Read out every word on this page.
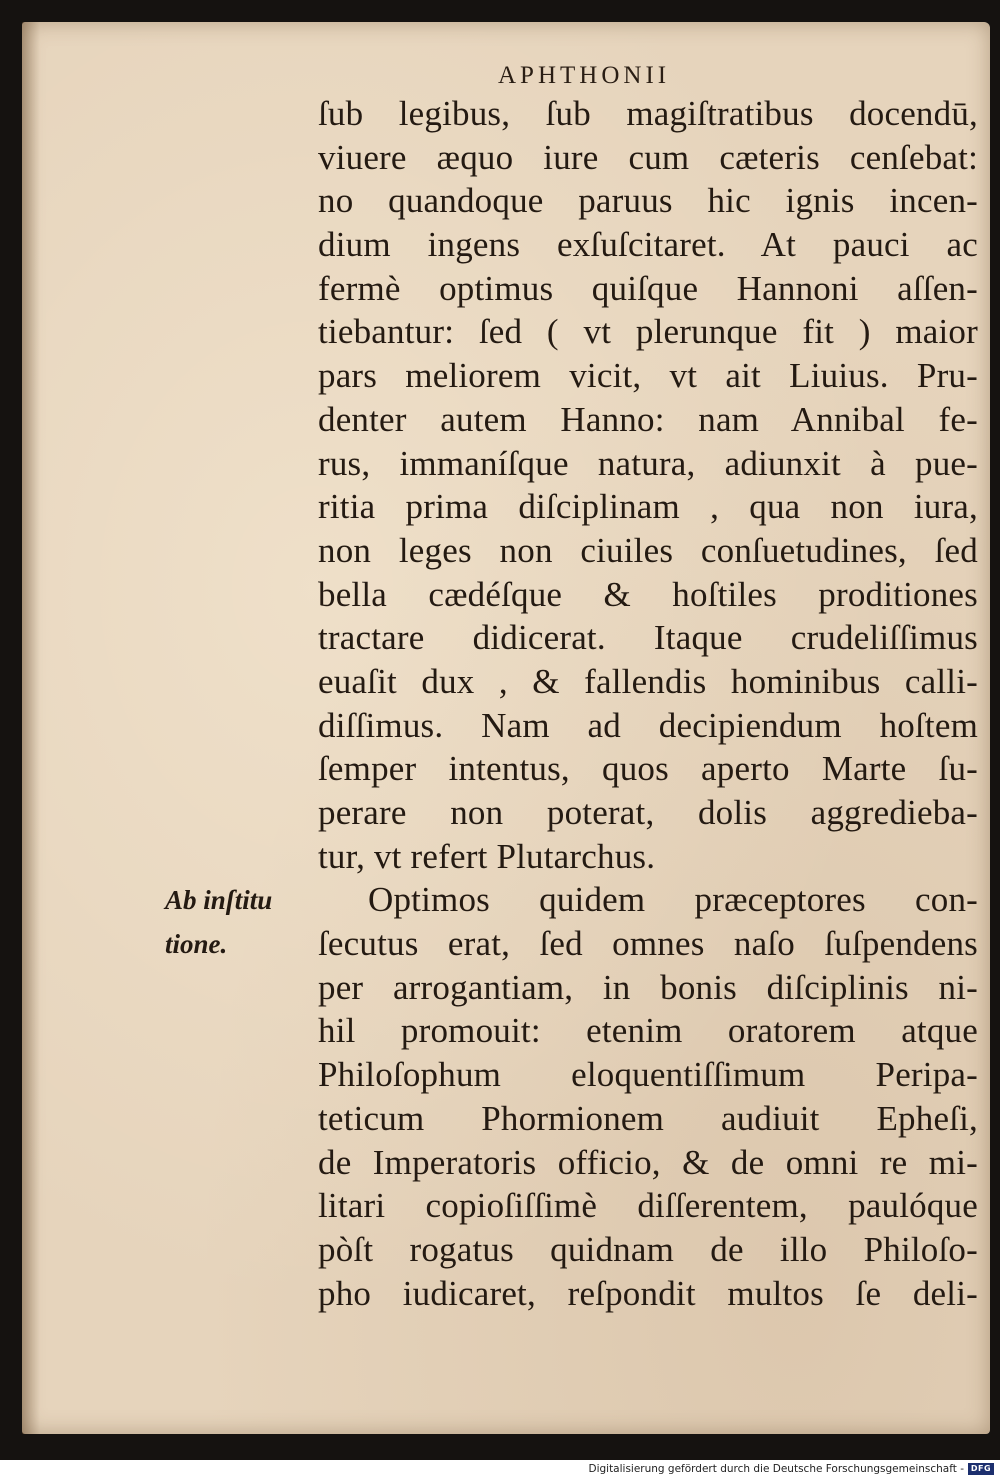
APHTHONII
Ab inſtitu
tione.
ſub legibus, ſub magiſtratibus docendū,
viuere æquo iure cum cæteris cenſebat:
no quandoque paruus hic ignis incen-
dium ingens exſuſcitaret. At pauci ac
fermè optimus quiſque Hannoni aſſen-
tiebantur: ſed ( vt plerunque fit ) maior
pars meliorem vicit, vt ait Liuius. Pru-
denter autem Hanno: nam Annibal fe-
rus, immaníſque natura, adiunxit à pue-
ritia prima diſciplinam , qua non iura,
non leges non ciuiles conſuetudines, ſed
bella cædéſque & hoſtiles proditiones
tractare didicerat. Itaque crudeliſſimus
euaſit dux , & fallendis hominibus calli-
diſſimus. Nam ad decipiendum hoſtem
ſemper intentus, quos aperto Marte ſu-
perare non poterat, dolis aggredieba-
tur, vt refert Plutarchus.
Optimos quidem præceptores con-
ſecutus erat, ſed omnes naſo ſuſpendens
per arrogantiam, in bonis diſciplinis ni-
hil promouit: etenim oratorem atque
Philoſophum eloquentiſſimum Peripa-
teticum Phormionem audiuit Epheſi,
de Imperatoris officio, & de omni re mi-
litari copioſiſſimè diſſerentem, paulóque
pòſt rogatus quidnam de illo Philoſo-
pho iudicaret, reſpondit multos ſe deli-
Digitalisierung gefördert durch die Deutsche Forschungsgemeinschaft - DFG
